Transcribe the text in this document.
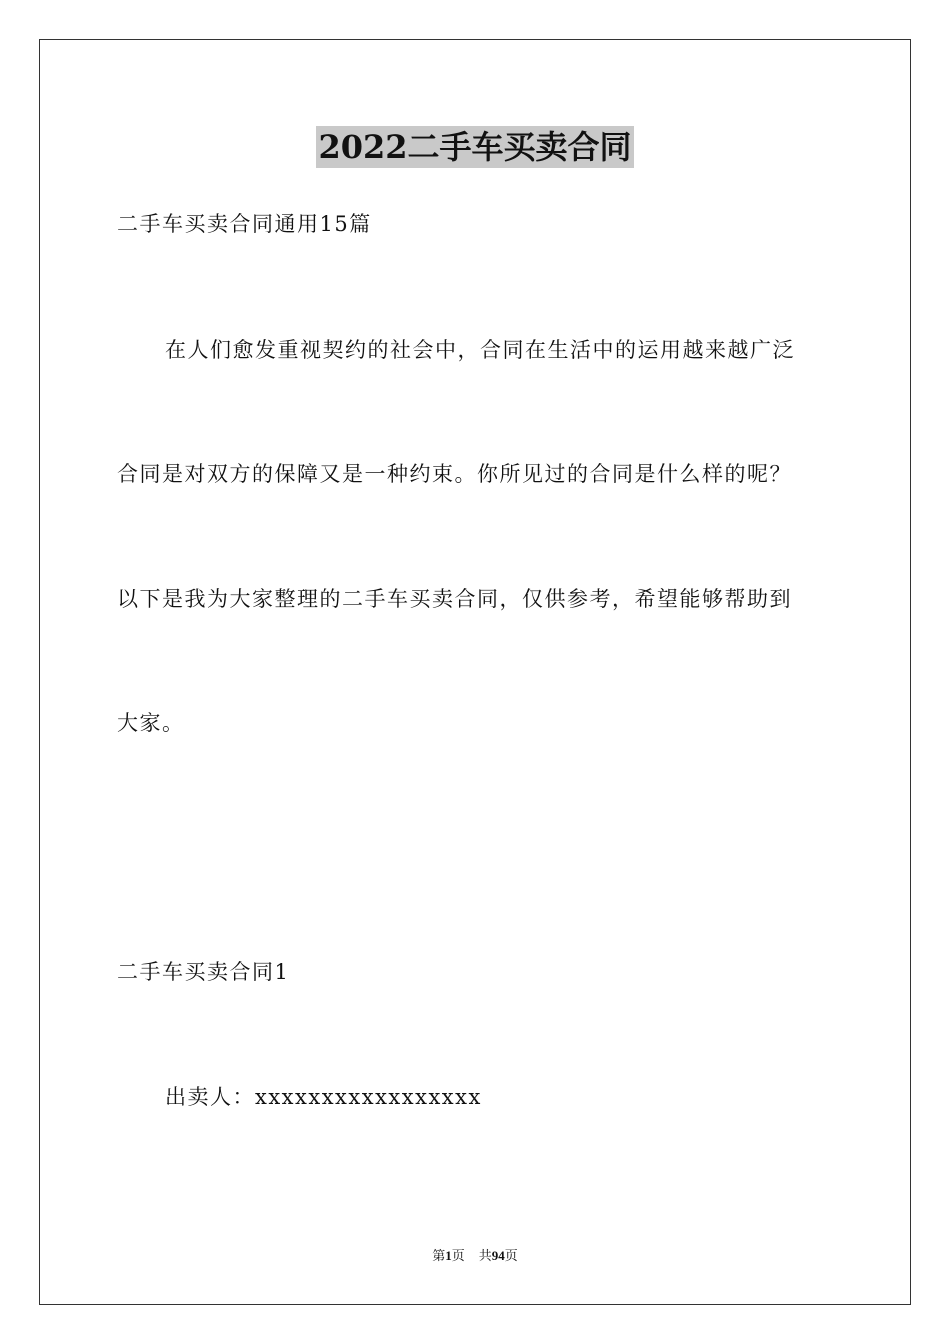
2022二手车买卖合同
二手车买卖合同通用15篇
在人们愈发重视契约的社会中，合同在生活中的运用越来越广泛
合同是对双方的保障又是一种约束。你所见过的合同是什么样的呢？
以下是我为大家整理的二手车买卖合同，仅供参考，希望能够帮助到
大家。
二手车买卖合同1
出卖人：xxxxxxxxxxxxxxxxx
第1页 共94页
